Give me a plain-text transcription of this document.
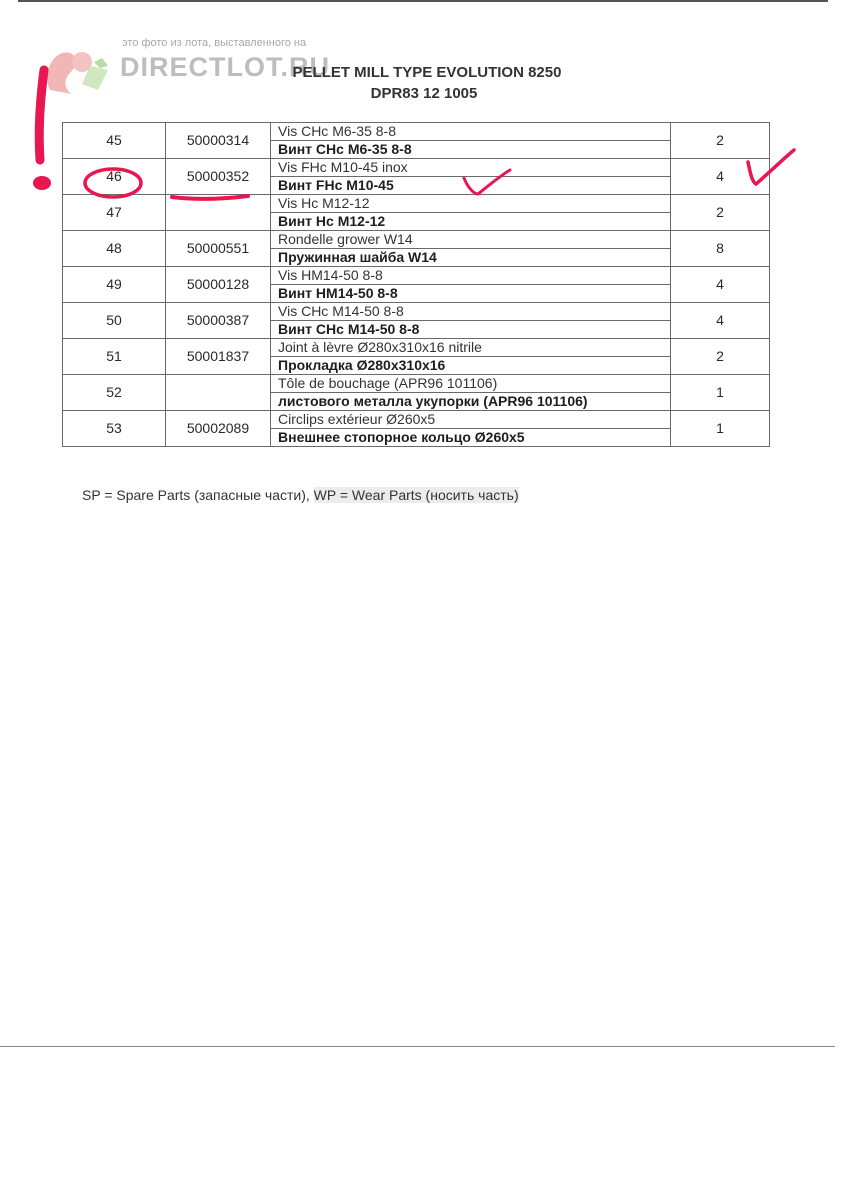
это фото из лота, выставленного на
DIRECTLOT.RU
PELLET MILL TYPE EVOLUTION 8250
DPR83 12 1005
45	50000314	Vis CHc M6-35 8-8	2
		Винт CHc M6-35 8-8	
46	50000352	Vis FHc M10-45 inox	4
		Винт FHc M10-45	
47		Vis Hc M12-12	2
		Винт Hc M12-12	
48	50000551	Rondelle grower W14	8
		Пружинная шайба W14	
49	50000128	Vis HM14-50 8-8	4
		Винт HM14-50 8-8	
50	50000387	Vis CHc M14-50 8-8	4
		Винт CHc M14-50 8-8	
51	50001837	Joint à lèvre Ø280x310x16 nitrile	2
		Прокладка Ø280x310x16	
52		Tôle de bouchage (APR96 101106)	1
		листового металла укупорки (APR96 101106)	
53	50002089	Circlips extérieur Ø260x5	1
		Внешнее стопорное кольцо Ø260x5	
SP = Spare Parts (запасные части), WP = Wear Parts (носить часть)
